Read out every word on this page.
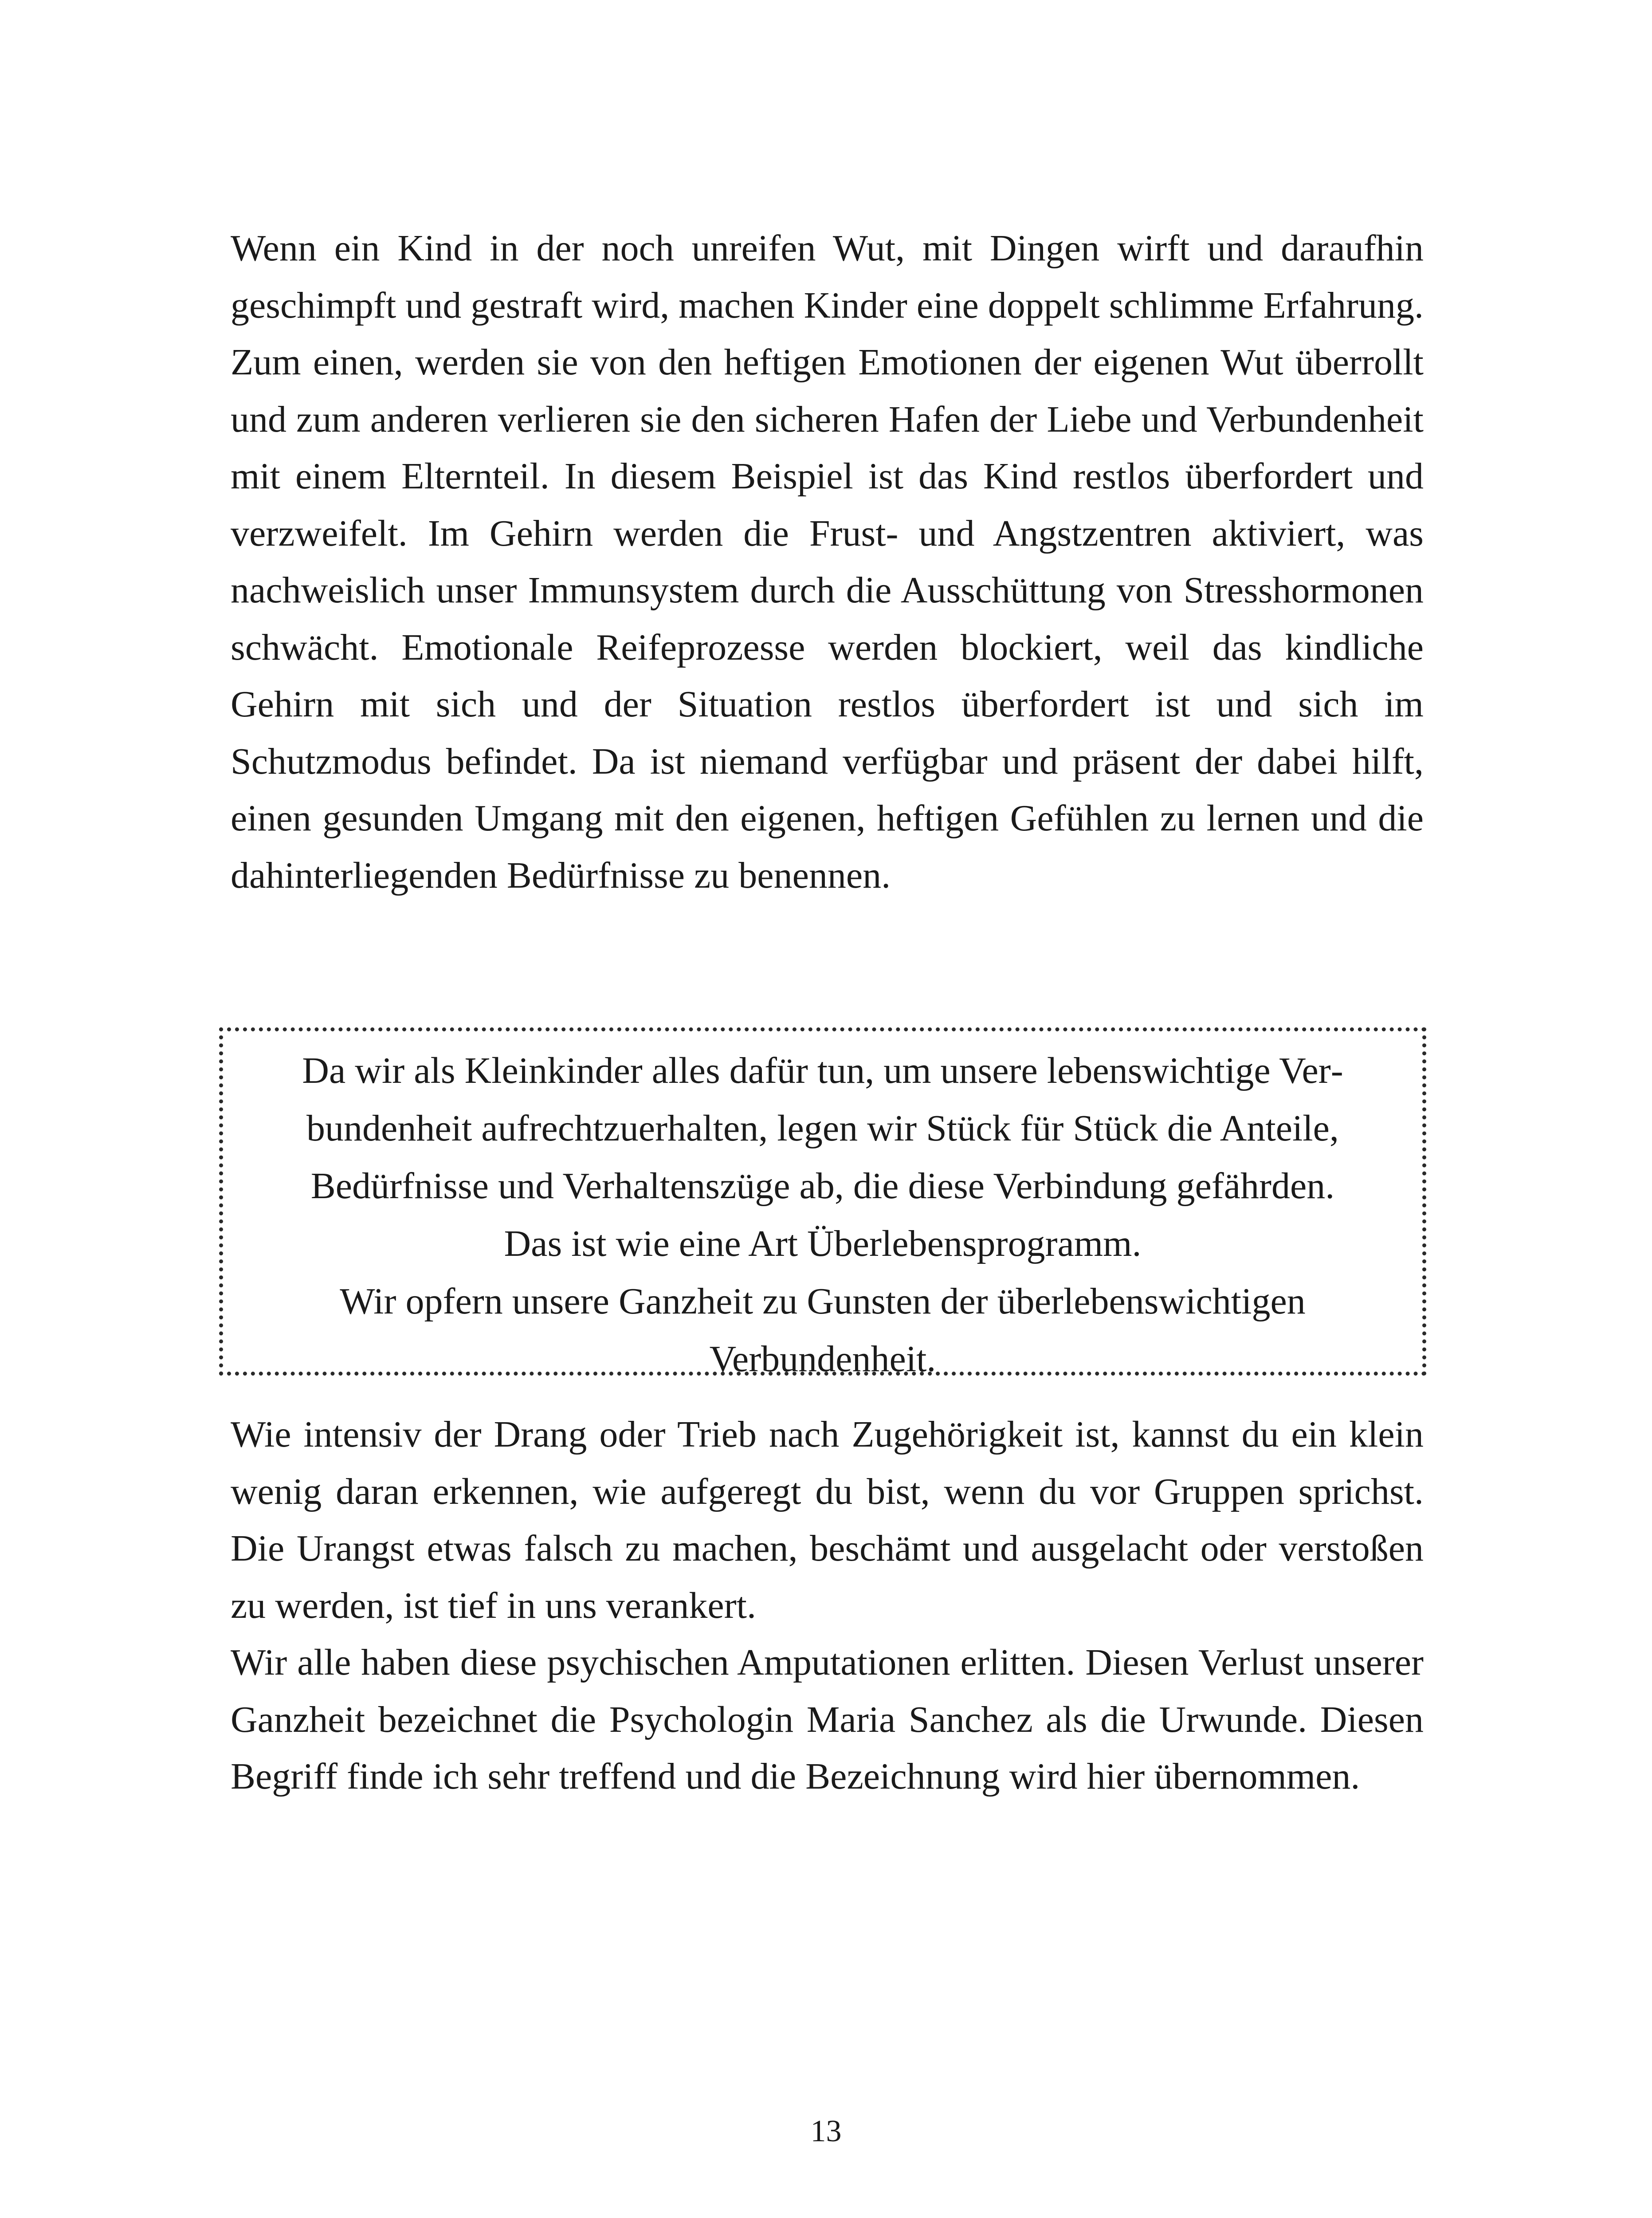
Wenn ein Kind in der noch unreifen Wut, mit Dingen wirft und daraufhin geschimpft und gestraft wird, machen Kinder eine doppelt schlimme Erfahrung. Zum einen, werden sie von den heftigen Emotionen der eigenen Wut überrollt und zum anderen verlieren sie den sicheren Hafen der Liebe und Verbundenheit mit einem Elternteil. In diesem Beispiel ist das Kind restlos überfordert und verzweifelt. Im Gehirn werden die Frust- und Angstzentren aktiviert, was nachweislich unser Immunsystem durch die Ausschüttung von Stresshormonen schwächt. Emotionale Reifeprozesse werden blockiert, weil das kindliche Gehirn mit sich und der Situation restlos überfordert ist und sich im Schutzmodus befindet. Da ist niemand verfügbar und präsent der dabei hilft, einen gesunden Umgang mit den eigenen, heftigen Gefühlen zu lernen und die dahinterliegenden Bedürfnisse zu benennen.

Da wir als Kleinkinder alles dafür tun, um unsere lebenswichtige Verbundenheit aufrechtzuerhalten, legen wir Stück für Stück die Anteile, Bedürfnisse und Verhaltenszüge ab, die diese Verbindung gefährden.

Das ist wie eine Art Überlebensprogramm.

Wir opfern unsere Ganzheit zu Gunsten der überlebenswichtigen Verbundenheit.

Wie intensiv der Drang oder Trieb nach Zugehörigkeit ist, kannst du ein klein wenig daran erkennen, wie aufgeregt du bist, wenn du vor Gruppen sprichst. Die Urangst etwas falsch zu machen, beschämt und ausgelacht oder verstoßen zu werden, ist tief in uns verankert.

Wir alle haben diese psychischen Amputationen erlitten. Diesen Verlust unserer Ganzheit bezeichnet die Psychologin Maria Sanchez als die Urwunde. Diesen Begriff finde ich sehr treffend und die Bezeichnung wird hier übernommen.

13
